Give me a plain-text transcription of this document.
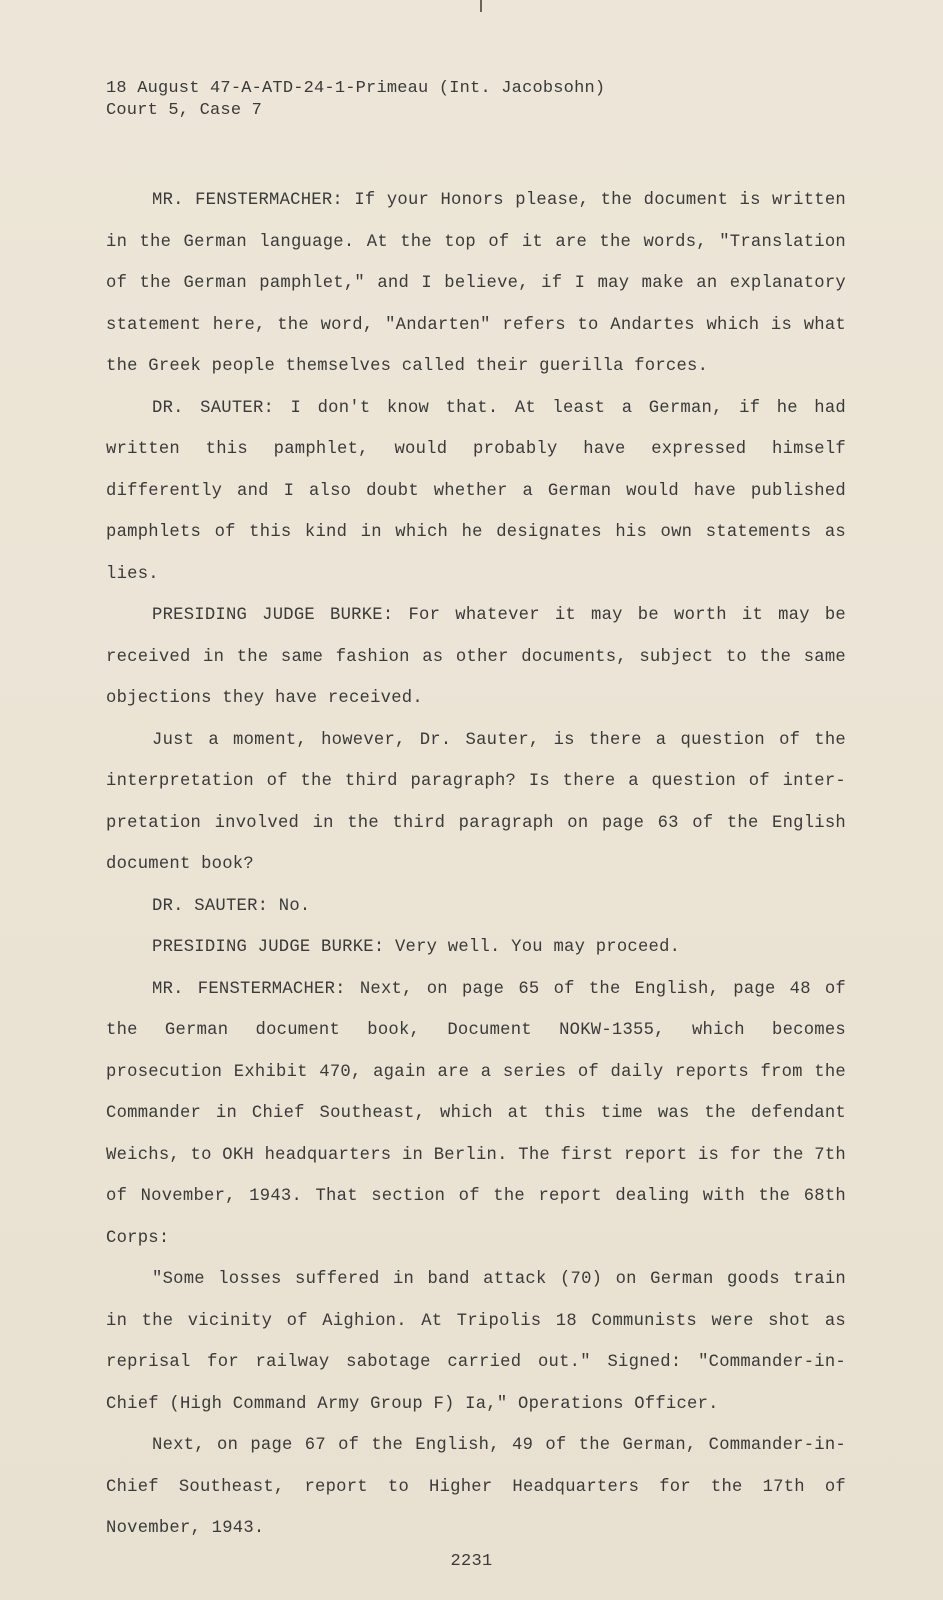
18 August 47-A-ATD-24-1-Primeau (Int. Jacobsohn)
Court 5, Case 7

MR. FENSTERMACHER: If your Honors please, the document is written in the German language. At the top of it are the words, "Translation of the German pamphlet," and I believe, if I may make an explanatory statement here, the word, "Andarten" refers to Andartes which is what the Greek people themselves called their guerilla forces.

DR. SAUTER: I don't know that. At least a German, if he had written this pamphlet, would probably have expressed himself differently and I also doubt whether a German would have published pamphlets of this kind in which he designates his own statements as lies.

PRESIDING JUDGE BURKE: For whatever it may be worth it may be received in the same fashion as other documents, subject to the same objections they have received.

Just a moment, however, Dr. Sauter, is there a question of the interpretation of the third paragraph? Is there a question of inter-pretation involved in the third paragraph on page 63 of the English document book?

DR. SAUTER: No.

PRESIDING JUDGE BURKE: Very well. You may proceed.

MR. FENSTERMACHER: Next, on page 65 of the English, page 48 of the German document book, Document NOKW-1355, which becomes prosecution Exhibit 470, again are a series of daily reports from the Commander in Chief Southeast, which at this time was the defendant Weichs, to OKH headquarters in Berlin. The first report is for the 7th of November, 1943. That section of the report dealing with the 68th Corps:

"Some losses suffered in band attack (70) on German goods train in the vicinity of Aighion. At Tripolis 18 Communists were shot as reprisal for railway sabotage carried out." Signed: "Commander-in-Chief (High Command Army Group F) Ia," Operations Officer.

Next, on page 67 of the English, 49 of the German, Commander-in-Chief Southeast, report to Higher Headquarters for the 17th of November, 1943.

2231
